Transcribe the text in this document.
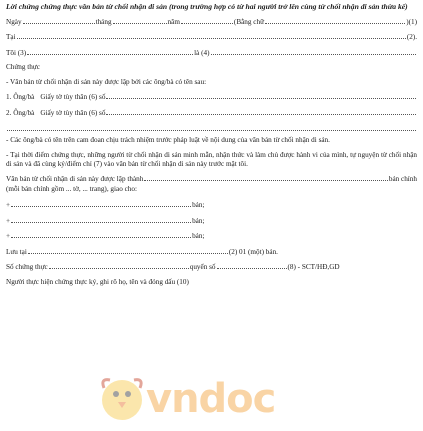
Lời chứng chứng thực văn bản từ chối nhận di sản (trong trường hợp có từ hai người trở lên cùng từ chối nhận di sản thừa kế)
Ngày	tháng	năm	(Bằng chữ	)(1)
Tại	(2).
Tôi (3)	là (4)
Chứng thực
- Văn bản từ chối nhận di sản này được lập bởi các ông/bà có tên sau:
1. Ông/bà Giấy tờ tùy thân (6) số
2. Ông/bà Giấy tờ tùy thân (6) số
- Các ông/bà có tên trên cam đoan chịu trách nhiệm trước pháp luật về nội dung của văn bản từ chối nhận di sản.
- Tại thời điểm chứng thực, những người từ chối nhận di sản minh mẫn, nhận thức và làm chủ được hành vi của mình, tự nguyện từ chối nhận di sản và đã cùng ký/điểm chỉ (7) vào văn bản từ chối nhận di sản này trước mặt tôi.
Văn bản từ chối nhận di sản này được lập thành	bản chính
(mỗi bản chính gồm ... tờ, ... trang), giao cho:
+	bản;
+	bản;
+	bản;
Lưu tại	(2) 01 (một) bản.
Số chứng thực	quyển số	(8) - SCT/HĐ,GD
Người thực hiện chứng thực ký, ghi rõ họ, tên và đóng dấu (10)
vndoc
